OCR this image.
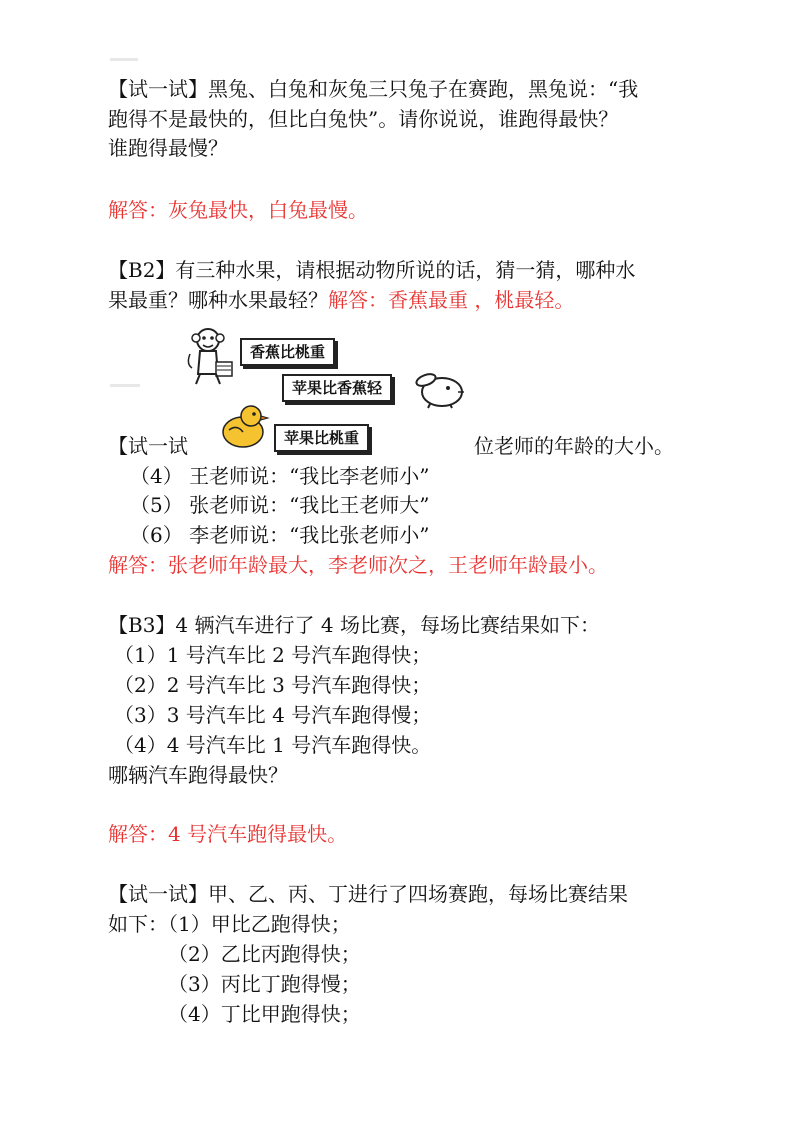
【试一试】黑兔、白兔和灰兔三只兔子在赛跑，黑兔说：“我
跑得不是最快的，但比白兔快”。请你说说，谁跑得最快？
谁跑得最慢？
解答：灰兔最快，白兔最慢。
【B2】有三种水果，请根据动物所说的话，猜一猜，哪种水
果最重？哪种水果最轻？解答：香蕉最重 ，桃最轻。
香蕉比桃重
苹果比香蕉轻
苹果比桃重
【试一试	位老师的年龄的大小。
（4） 王老师说：“我比李老师小”
（5） 张老师说：“我比王老师大”
（6） 李老师说：“我比张老师小”
解答：张老师年龄最大，李老师次之，王老师年龄最小。
【B3】4 辆汽车进行了 4 场比赛，每场比赛结果如下：
（1）1 号汽车比 2 号汽车跑得快；
（2）2 号汽车比 3 号汽车跑得快；
（3）3 号汽车比 4 号汽车跑得慢；
（4）4 号汽车比 1 号汽车跑得快。
哪辆汽车跑得最快？
解答：4 号汽车跑得最快。
【试一试】甲、乙、丙、丁进行了四场赛跑，每场比赛结果
如下：（1）甲比乙跑得快；
（2）乙比丙跑得快；
（3）丙比丁跑得慢；
（4）丁比甲跑得快；
